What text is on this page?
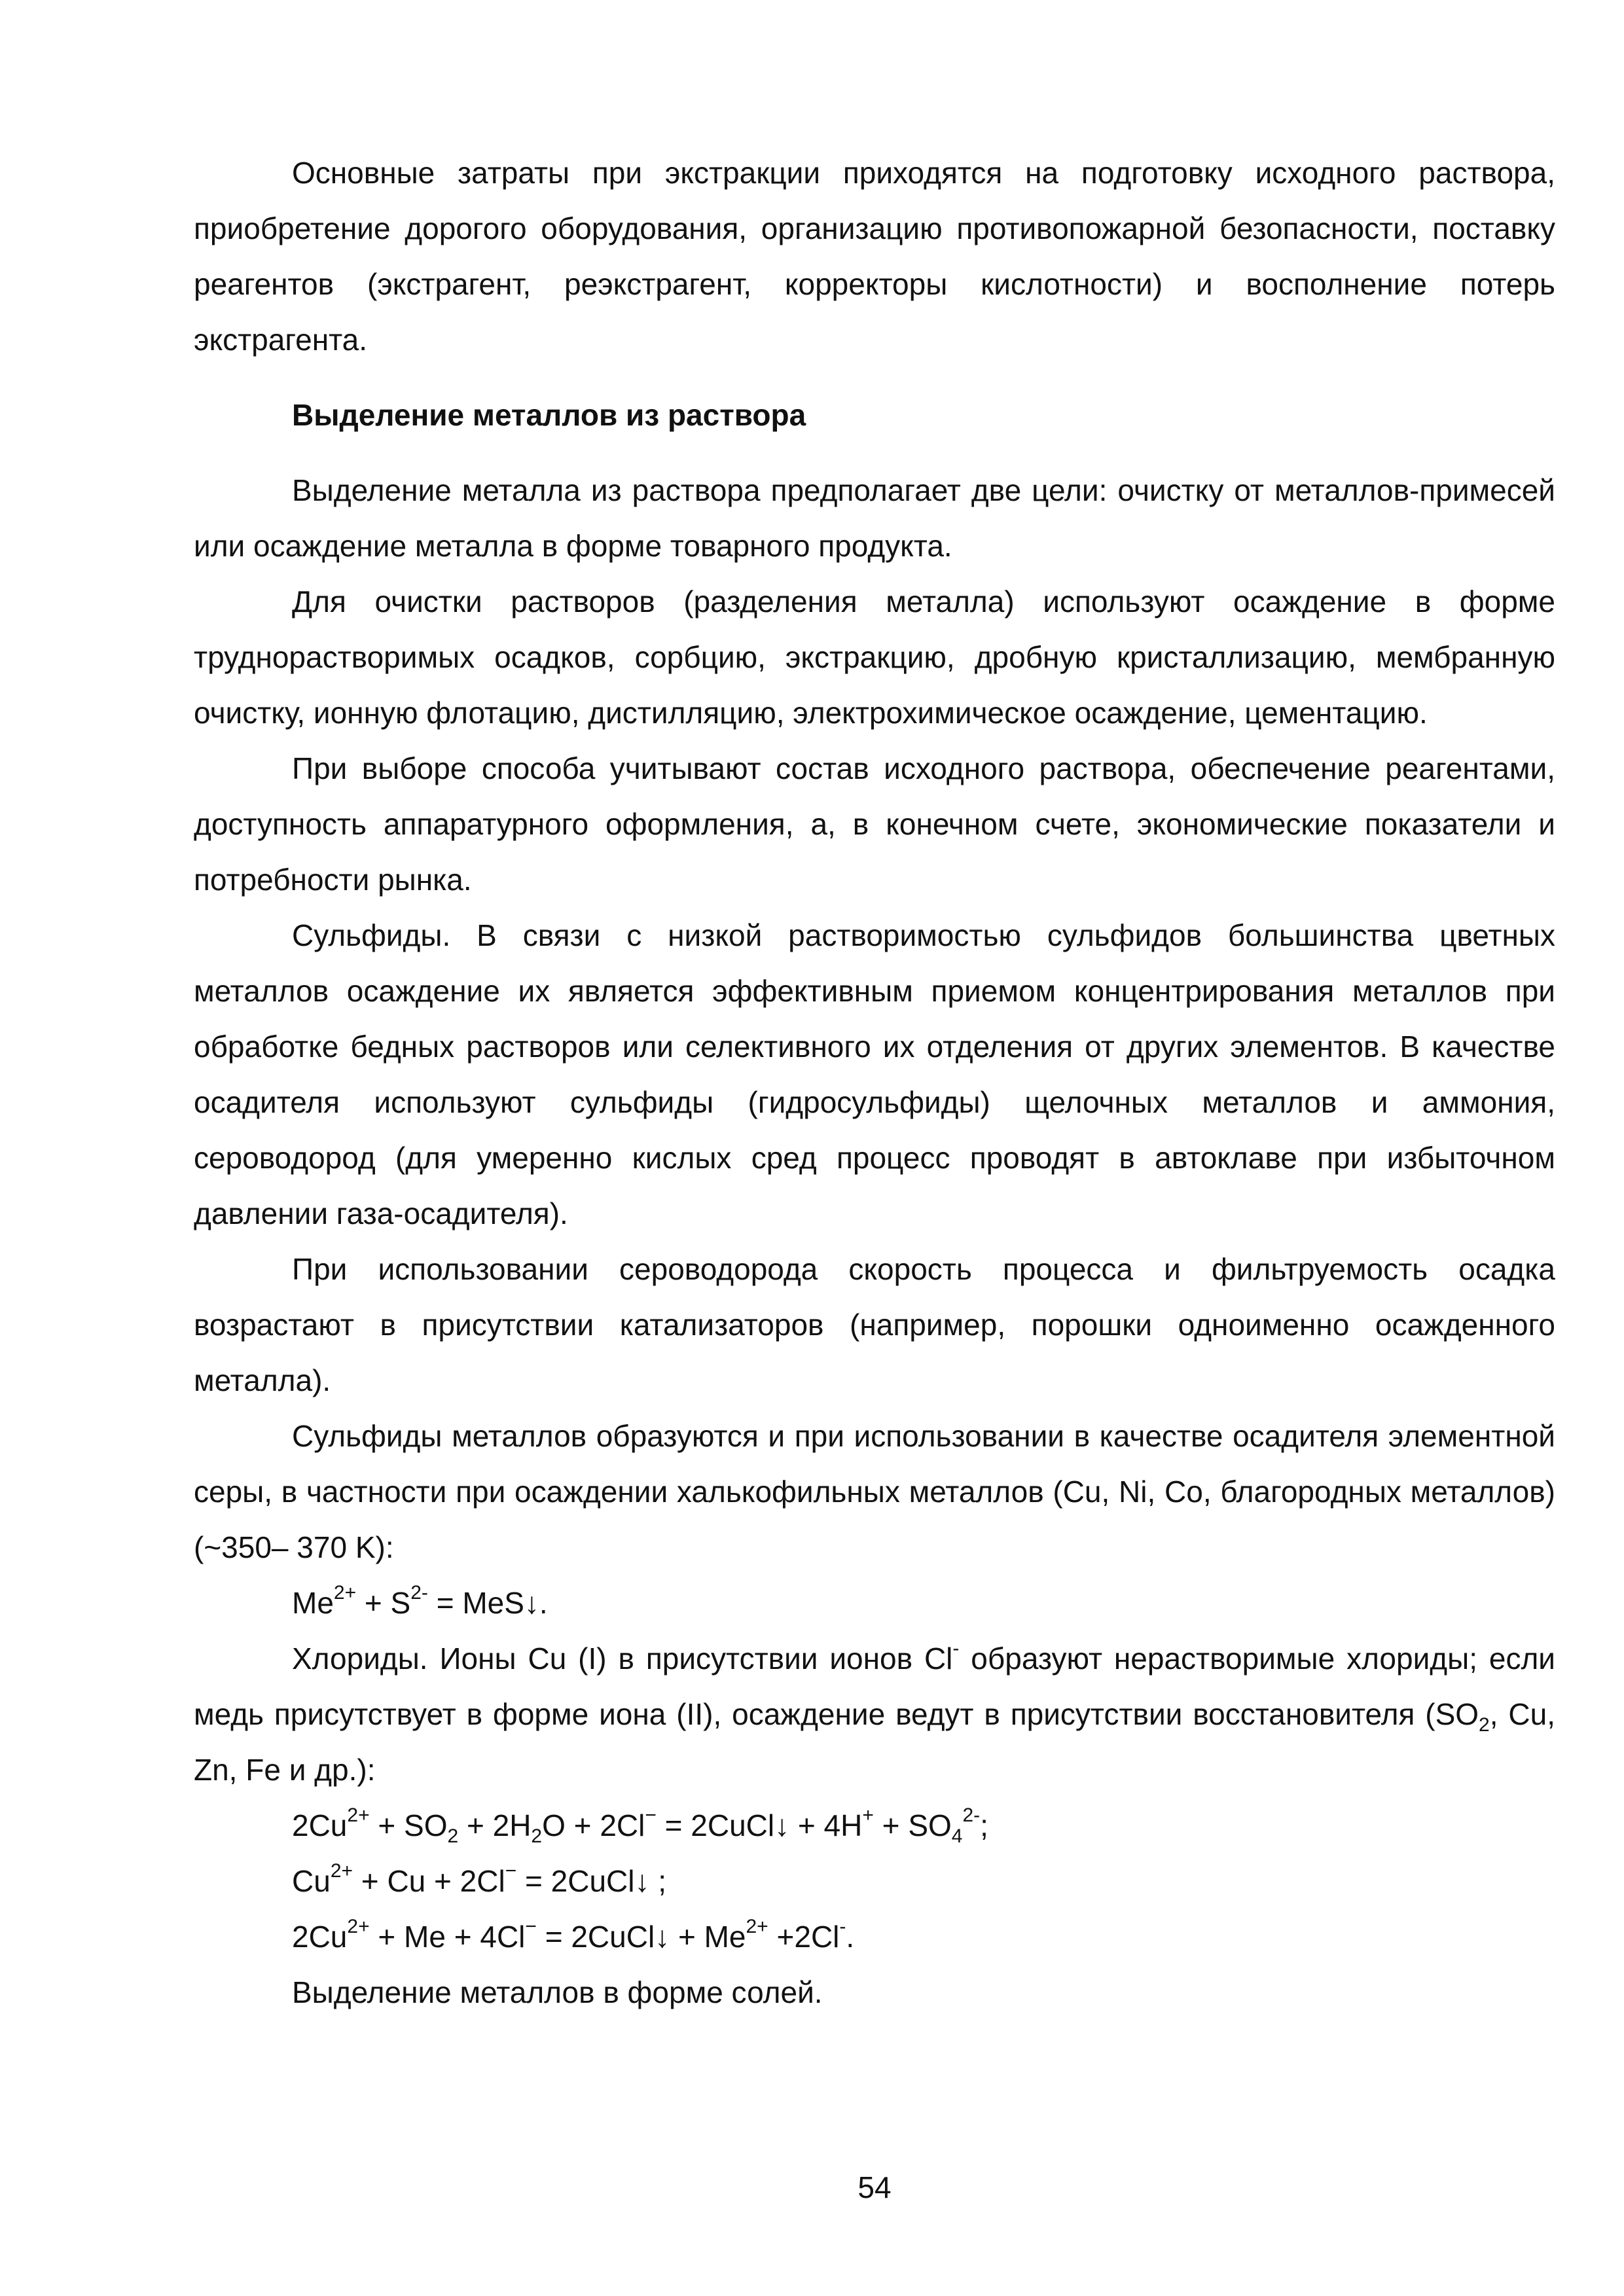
Основные затраты при экстракции приходятся на подготовку исходного раствора, приобретение дорогого оборудования, организацию противопожарной безопасности, поставку реагентов (экстрагент, реэкстрагент, корректоры кислотности) и восполнение потерь экстрагента.

Выделение металлов из раствора

Выделение металла из раствора предполагает две цели: очистку от металлов-примесей или осаждение металла в форме товарного продукта.

Для очистки растворов (разделения металла) используют осаждение в форме труднорастворимых осадков, сорбцию, экстракцию, дробную кристаллизацию, мембранную очистку, ионную флотацию, дистилляцию, электрохимическое осаждение, цементацию.

При выборе способа учитывают состав исходного раствора, обеспечение реагентами, доступность аппаратурного оформления, а, в конечном счете, экономические показатели и потребности рынка.

Сульфиды. В связи с низкой растворимостью сульфидов большинства цветных металлов осаждение их является эффективным приемом концентрирования металлов при обработке бедных растворов или селективного их отделения от других элементов. В качестве осадителя используют сульфиды (гидросульфиды) щелочных металлов и аммония, сероводород (для умеренно кислых сред процесс проводят в автоклаве при избыточном давлении газа-осадителя).

При использовании сероводорода скорость процесса и фильтруемость осадка возрастают в присутствии катализаторов (например, порошки одноименно осажденного металла).

Сульфиды металлов образуются и при использовании в качестве осадителя элементной серы, в частности при осаждении халькофильных металлов (Cu, Ni, Co, благородных металлов) (~350– 370 K):

$Me^{2+} + S^{2-}$ = MeS↓.

Хлориды. Ионы Cu (I) в присутствии ионов Cl- образуют нерастворимые хлориды; если медь присутствует в форме иона (II), осаждение ведут в присутствии восстановителя ($SO_2$, Cu, Zn, Fe и др.):

$2Cu^{2+} + SO_2 + 2H_2O + 2Cl^-$ = 2CuCl↓ + $4H^+ + SO_4^{2-}$;

$Cu^{2+} + Cu + 2Cl^-$ = 2CuCl↓ ;

$2Cu^{2+} + Me + 4Cl^-$ = 2CuCl↓ + $Me^{2+} +2Cl^-$.

Выделение металлов в форме солей.

54
